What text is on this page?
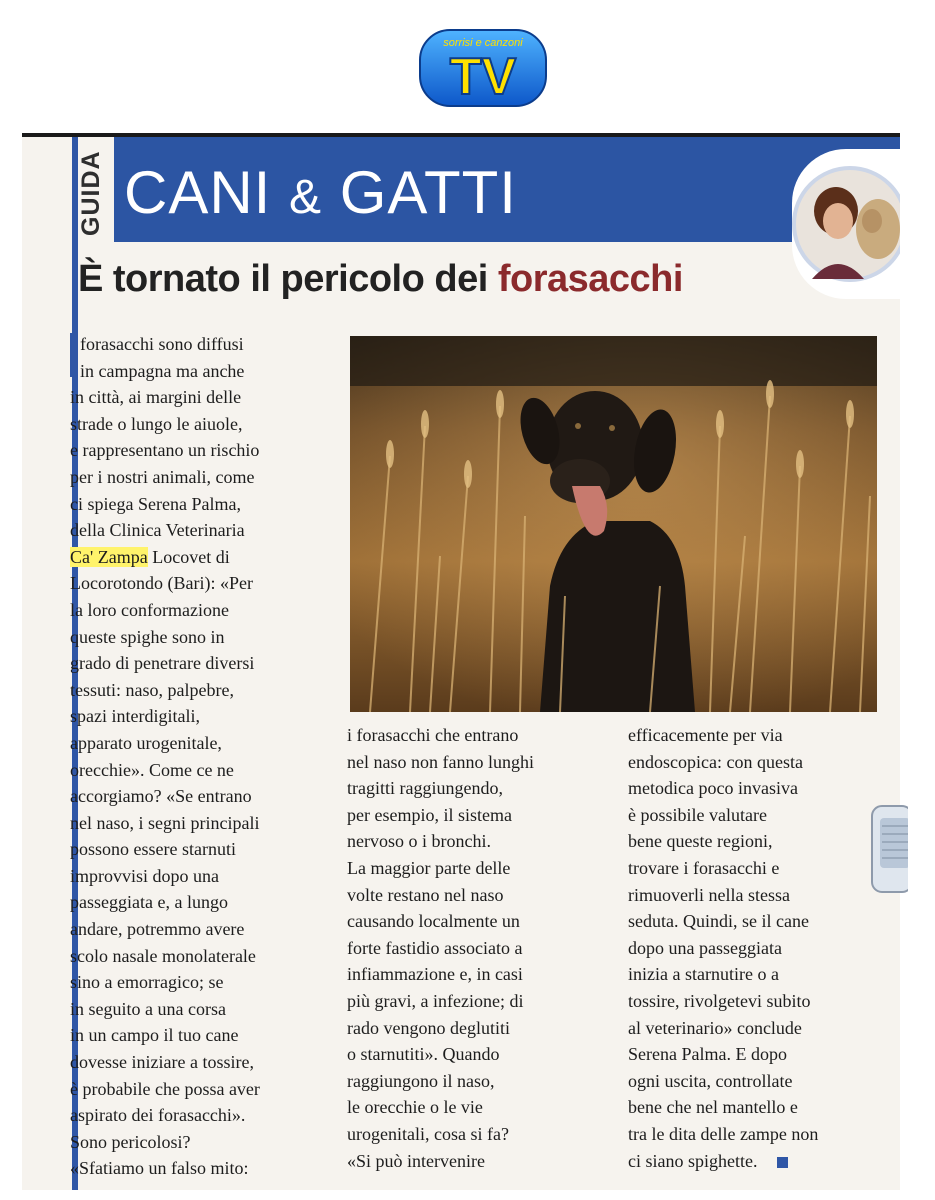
sorrisi e canzoni
TV
GUIDA CANI & GATTI
È tornato il pericolo dei forasacchi

forasacchi sono diffusi
in campagna ma anche
in città, ai margini delle
strade o lungo le aiuole,
e rappresentano un rischio
per i nostri animali, come
ci spiega Serena Palma,
della Clinica Veterinaria
Ca' Zampa Locovet di
Locorotondo (Bari): «Per
la loro conformazione
queste spighe sono in
grado di penetrare diversi
tessuti: naso, palpebre,
spazi interdigitali,
apparato urogenitale,
orecchie». Come ce ne
accorgiamo? «Se entrano
nel naso, i segni principali
possono essere starnuti
improvvisi dopo una
passeggiata e, a lungo
andare, potremmo avere
scolo nasale monolaterale
sino a emorragico; se
in seguito a una corsa
in un campo il tuo cane
dovesse iniziare a tossire,
è probabile che possa aver
aspirato dei forasacchi».
Sono pericolosi?
«Sfatiamo un falso mito:

i forasacchi che entrano
nel naso non fanno lunghi
tragitti raggiungendo,
per esempio, il sistema
nervoso o i bronchi.
La maggior parte delle
volte restano nel naso
causando localmente un
forte fastidio associato a
infiammazione e, in casi
più gravi, a infezione; di
rado vengono deglutiti
o starnutiti». Quando
raggiungono il naso,
le orecchie o le vie
urogenitali, cosa si fa?
«Si può intervenire

efficacemente per via
endoscopica: con questa
metodica poco invasiva
è possibile valutare
bene queste regioni,
trovare i forasacchi e
rimuoverli nella stessa
seduta. Quindi, se il cane
dopo una passeggiata
inizia a starnutire o a
tossire, rivolgetevi subito
al veterinario» conclude
Serena Palma. E dopo
ogni uscita, controllate
bene che nel mantello e
tra le dita delle zampe non
ci siano spighette.
